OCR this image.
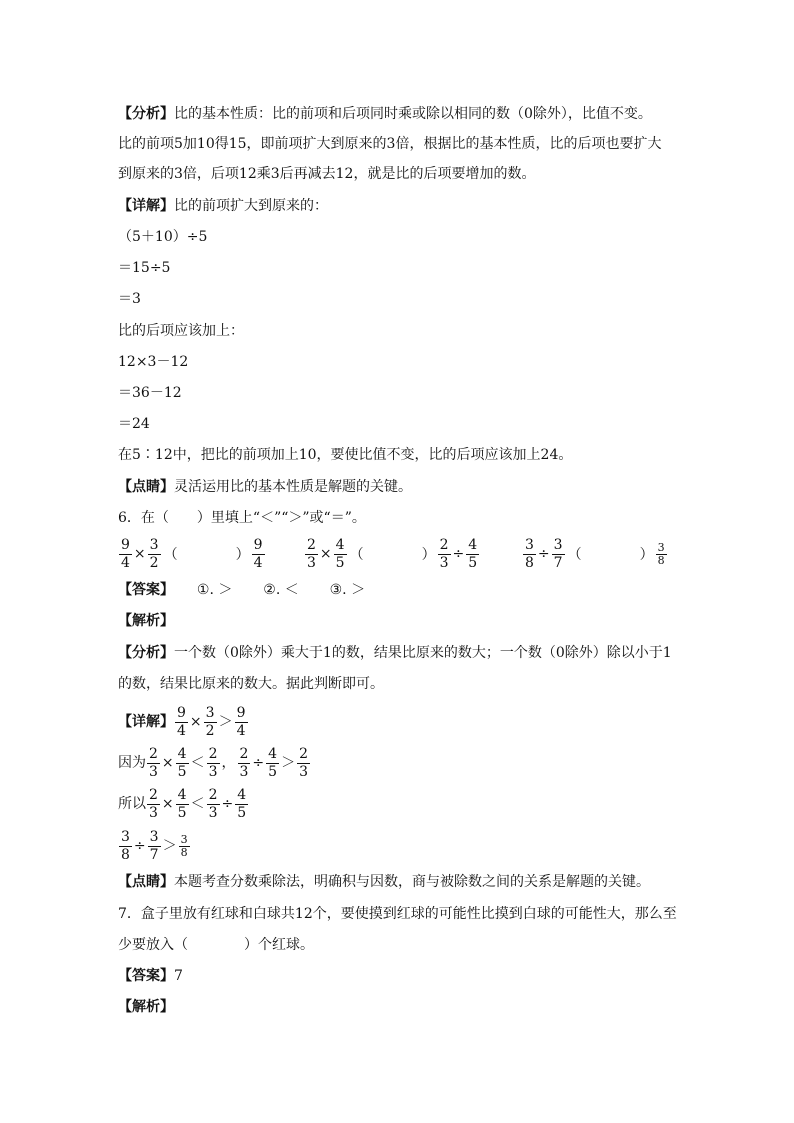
【分析】比的基本性质：比的前项和后项同时乘或除以相同的数（0除外），比值不变。
比的前项5加10得15，即前项扩大到原来的3倍，根据比的基本性质，比的后项也要扩大
到原来的3倍，后项12乘3后再减去12，就是比的后项要增加的数。
【详解】比的前项扩大到原来的：
（5＋10）÷5
＝15÷5
＝3
比的后项应该加上：
12×3－12
＝36－12
＝24
在5∶12中，把比的前项加上10，要使比值不变，比的后项应该加上24。
【点睛】灵活运用比的基本性质是解题的关键。
6．在（　　）里填上“＜”“＞”或“＝”。
$\frac{9}{4} \times \frac{3}{2}$ （	） $\frac{9}{4}$	$\frac{2}{3} \times \frac{4}{5}$ （	） $\frac{2}{3} \div \frac{4}{5}$	$\frac{3}{8} \div \frac{3}{7}$ （	） $\frac{3}{8}$
【答案】 ①. ＞ ②. ＜ ③. ＞
【解析】
【分析】一个数（0除外）乘大于1的数，结果比原来的数大；一个数（0除外）除以小于1
的数，结果比原来的数大。据此判断即可。
【详解】 $\frac{9}{4} \times \frac{3}{2} > \frac{9}{4}$
因为 $\frac{2}{3} \times \frac{4}{5} < \frac{2}{3}$ ， $\frac{2}{3} \div \frac{4}{5} > \frac{2}{3}$
所以 $\frac{2}{3} \times \frac{4}{5} < \frac{2}{3} \div \frac{4}{5}$
$\frac{3}{8} \div \frac{3}{7} > \frac{3}{8}$
【点睛】本题考查分数乘除法，明确积与因数，商与被除数之间的关系是解题的关键。
7．盒子里放有红球和白球共12个，要使摸到红球的可能性比摸到白球的可能性大，那么至
少要放入（　　　　）个红球。
【答案】7
【解析】
